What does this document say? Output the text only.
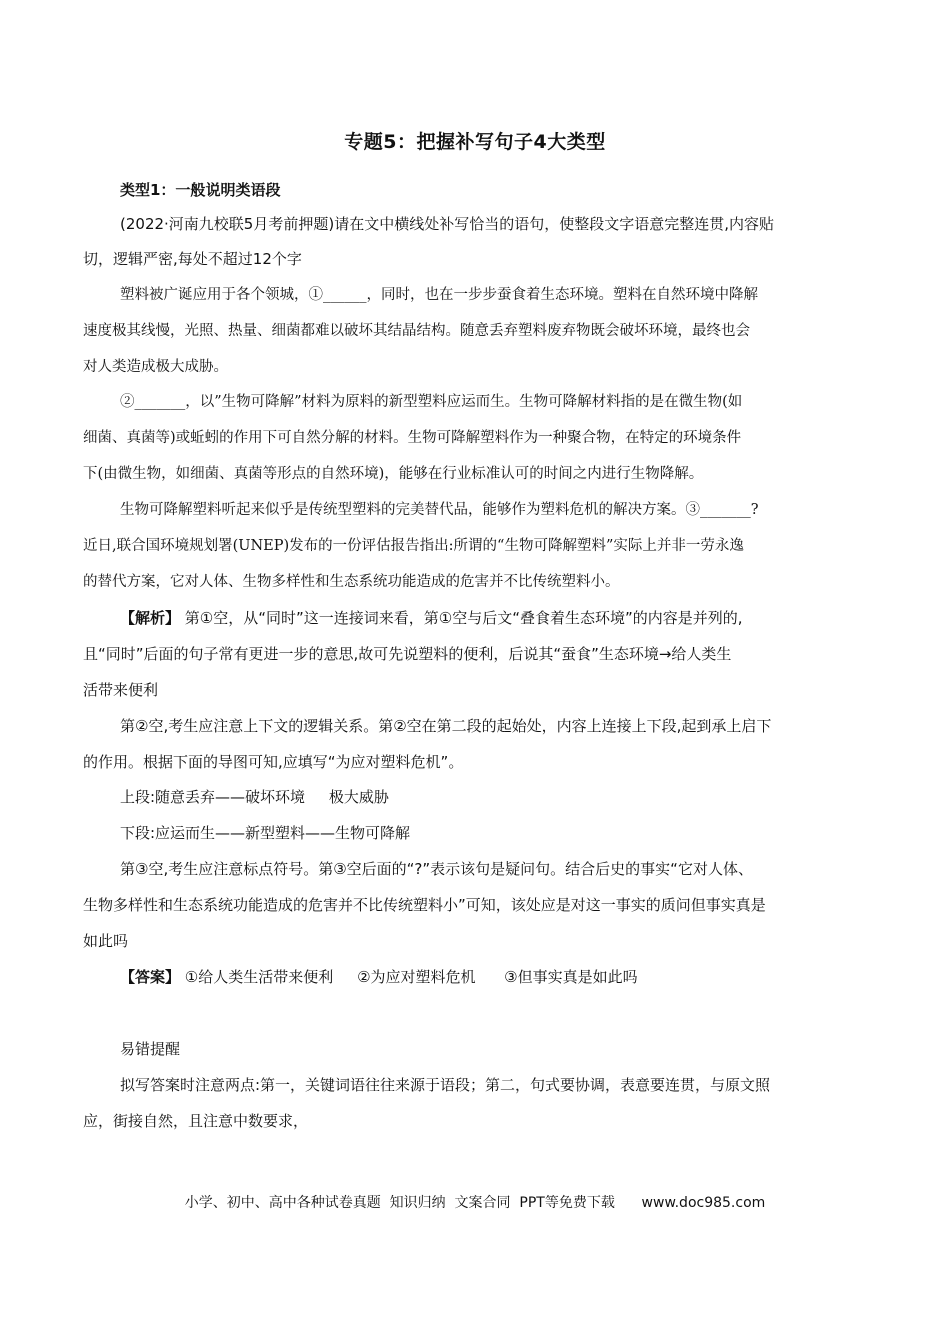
专题5：把握补写句子4大类型
类型1：一般说明类语段
(2022·河南九校联5月考前押题)请在文中横线处补写恰当的语句，使整段文字语意完整连贯,内容贴
切，逻辑严密,每处不超过12个字
塑料被广诞应用于各个领城，①______，同时，也在一步步蚕食着生态环境。塑料在自然环境中降解
速度极其线慢，光照、热量、细菌都难以破坏其结晶结构。随意丢弃塑料废弃物既会破坏环境，最终也会
对人类造成极大成胁。
②_______，以”生物可降解”材料为原料的新型塑料应运而生。生物可降解材料指的是在微生物(如
细菌、真菌等)或蚯蚓的作用下可自然分解的材料。生物可降解塑料作为一种聚合物，在特定的环境条件
下(由微生物，如细菌、真菌等形点的自然环境)，能够在行业标准认可的时间之内进行生物降解。
生物可降解塑料听起来似乎是传统型塑料的完美替代品，能够作为塑料危机的解决方案。③_______?
近日,联合国环境规划署(UNEP)发布的一份评估报告指出:所谓的“生物可降解塑料”实际上并非一劳永逸
的替代方案，它对人体、生物多样性和生态系统功能造成的危害并不比传统塑料小。
【解析】 第①空，从“同时”这一连接词来看，第①空与后文“叠食着生态环境”的内容是并列的,
且“同时”后面的句子常有更进一步的意思,故可先说塑料的便利，后说其“蚕食”生态环境→给人类生
活带来便利
第②空,考生应注意上下文的逻辑关系。第②空在第二段的起始处，内容上连接上下段,起到承上启下
的作用。根据下面的导图可知,应填写“为应对塑料危机”。
上段:随意丢弃——破坏环境     极大威胁
下段:应运而生——新型塑料——生物可降解
第③空,考生应注意标点符号。第③空后面的“?”表示该句是疑问句。结合后史的事实“它对人体、
生物多样性和生态系统功能造成的危害并不比传统塑料小”可知，该处应是对这一事实的质问但事实真是
如此吗
【答案】 ①给人类生活带来便利     ②为应对塑料危机      ③但事实真是如此吗
易错提醒
拟写答案时注意两点:第一，关键词语往往来源于语段；第二，句式要协调，表意要连贯，与原文照
应，街接自然，且注意中数要求，
小学、初中、高中各种试卷真题  知识归纳  文案合同  PPT等免费下载      www.doc985.com
